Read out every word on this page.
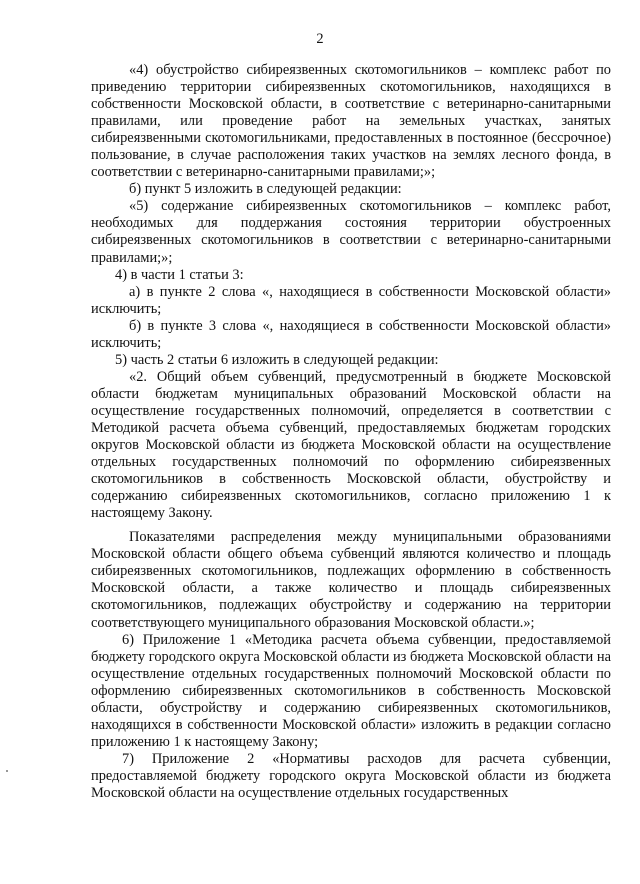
2

«4) обустройство сибиреязвенных скотомогильников – комплекс работ по приведению территории сибиреязвенных скотомогильников, находящихся в собственности Московской области, в соответствие с ветеринарно-санитарными правилами, или проведение работ на земельных участках, занятых сибиреязвенными скотомогильниками, предоставленных в постоянное (бессрочное) пользование, в случае расположения таких участков на землях лесного фонда, в соответствии с ветеринарно-санитарными правилами;»;

б) пункт 5 изложить в следующей редакции:

«5) содержание сибиреязвенных скотомогильников – комплекс работ, необходимых для поддержания состояния территории обустроенных сибиреязвенных скотомогильников в соответствии с ветеринарно-санитарными правилами;»;

4) в части 1 статьи 3:

а) в пункте 2 слова «, находящиеся в собственности Московской области» исключить;

б) в пункте 3 слова «, находящиеся в собственности Московской области» исключить;

5) часть 2 статьи 6 изложить в следующей редакции:

«2. Общий объем субвенций, предусмотренный в бюджете Московской области бюджетам муниципальных образований Московской области на осуществление государственных полномочий, определяется в соответствии с Методикой расчета объема субвенций, предоставляемых бюджетам городских округов Московской области из бюджета Московской области на осуществление отдельных государственных полномочий по оформлению сибиреязвенных скотомогильников в собственность Московской области, обустройству и содержанию сибиреязвенных скотомогильников, согласно приложению 1 к настоящему Закону.

Показателями распределения между муниципальными образованиями Московской области общего объема субвенций являются количество и площадь сибиреязвенных скотомогильников, подлежащих оформлению в собственность Московской области, а также количество и площадь сибиреязвенных скотомогильников, подлежащих обустройству и содержанию на территории соответствующего муниципального образования Московской области.»;

6) Приложение 1 «Методика расчета объема субвенции, предоставляемой бюджету городского округа Московской области из бюджета Московской области на осуществление отдельных государственных полномочий Московской области по оформлению сибиреязвенных скотомогильников в собственность Московской области, обустройству и содержанию сибиреязвенных скотомогильников, находящихся в собственности Московской области» изложить в редакции согласно приложению 1 к настоящему Закону;

7) Приложение 2 «Нормативы расходов для расчета субвенции, предоставляемой бюджету городского округа Московской области из бюджета Московской области на осуществление отдельных государственных
